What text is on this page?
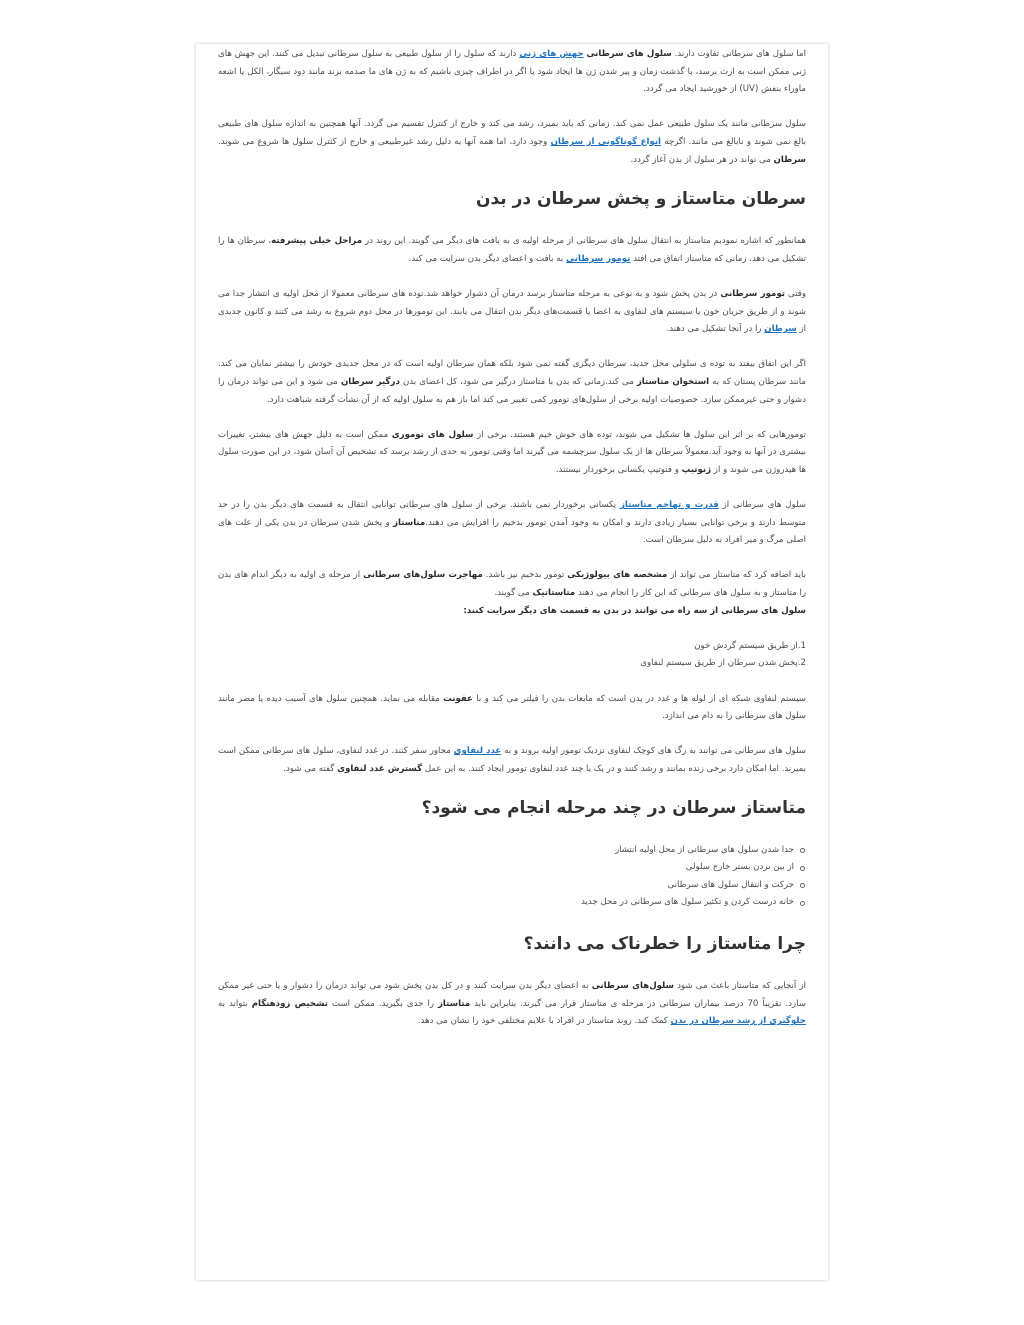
اما سلول های سرطانی تفاوت دارند. سلول های سرطانی جهش های ژنی دارند که سلول را از سلول طبیعی به سلول سرطانی تبدیل می کنند. این جهش های ژنی ممکن است به ارث برسد، با گذشت زمان و پیر شدن ژن ها ایجاد شود یا اگر در اطراف چیزی باشیم که به ژن های ما صدمه بزند مانند دود سیگار، الکل یا اشعه ماوراء بنفش (UV) از خورشید ایجاد می گردد.

سلول سرطانی مانند یک سلول طبیعی عمل نمی کند. زمانی که باید بمیرد، رشد می کند و خارج از کنترل تقسیم می گردد. آنها همچنین به اندازه سلول های طبیعی بالغ نمی شوند و نابالغ می مانند. اگرچه انواع گوناگونی از سرطان وجود دارد، اما همه آنها به دلیل رشد غیرطبیعی و خارج از کنترل سلول ها شروع می شوند. سرطان می تواند در هر سلول از بدن آغاز گردد.

سرطان متاستاز و پخش سرطان در بدن

همانطور که اشاره نمودیم متاستاز به انتقال سلول های سرطانی از مرحله اولیه ی به بافت های دیگر می گویند. این روند در مراحل خیلی پیشرفته، سرطان ها را تشکیل می دهد. زمانی که متاستاز اتفاق می افتد تومور سرطانی به بافت و اعضای دیگر بدن سرایت می کند.

وقتی تومور سرطانی در بدن پخش شود و به نوعی به مرحله متاستاز برسد درمان آن دشوار خواهد شد.توده های سرطانی معمولا از محل اولیه ی انتشار جدا می شوند و از طریق جریان خون یا سیستم های لنفاوی به اعضا یا قسمت‌های دیگر بدن انتقال می یابند. این تومورها در محل دوم شروع به رشد می کنند و کانون جدیدی از سرطان را در آنجا تشکیل می دهند.

اگر این اتفاق بیفتد به توده ی سلولی محل جدید، سرطان دیگری گفته نمی شود بلکه همان سرطان اولیه است که در محل جدیدی خودش را بیشتر نمایان می کند. مانند سرطان پستان که به استخوان متاستاز می کند.زمانی که بدن با متاستاز درگیر می شود، کل اعضای بدن درگیر سرطان می شود و این می تواند درمان را دشوار و حتی غیرممکن سازد. خصوصیات اولیه برخی از سلول‌های تومور کمی تغییر می کند اما باز هم به سلول اولیه که از آن نشأت گرفته شباهت دارد.

تومورهایی که بر اثر این سلول ها تشکیل می شوند، توده های خوش خیم هستند. برخی از سلول های توموری ممکن است به دلیل جهش های بیشتر، تغییرات بیشتری در آنها به وجود آید.معمولاً سرطان ها از یک سلول سرچشمه می گیرند اما وقتی تومور به حدی از رشد برسد که تشخیص آن آسان شود، در این صورت سلول ها هیدروژن می شوند و از ژنوتیپ و فنوتیپ یکسانی برخوردار نیستند.

سلول های سرطانی از قدرت و تهاجم متاستاز یکسانی برخوردار نمی باشند. برخی از سلول های سرطانی توانایی انتقال به قسمت های دیگر بدن را در حد متوسط دارند و برخی توانایی بسیار زیادی دارند و امکان به وجود آمدن تومور بدخیم را افزایش می دهند.متاستاز و پخش شدن سرطان در بدن یکی از علت های اصلی مرگ و میر افراد به دلیل سرطان است.

باید اضافه کرد که متاستاز می تواند از مشخصه های بیولوژیکی تومور بدخیم نیز باشد. مهاجرت سلول‌های سرطانی از مرحله ی اولیه به دیگر اندام های بدن را متاستاز و به سلول های سرطانی که این کار را انجام می دهند متاستاتیک می گویند.

سلول های سرطانی از سه راه می توانند در بدن به قسمت های دیگر سرایت کنند:

1.از طریق سیستم گردش خون
2.پخش شدن سرطان از طریق سیستم لنفاوی

سیستم لنفاوی شبکه ای از لوله ها و غدد در بدن است که مایعات بدن را فیلتر می کند و با عفونت مقابله می نماید. همچنین سلول های آسیب دیده یا مضر مانند سلول های سرطانی را به دام می اندازد.

سلول های سرطانی می توانند به رگ های کوچک لنفاوی نزدیک تومور اولیه بروند و به غدد لنفاوی مجاور سفر کنند. در غدد لنفاوی، سلول های سرطانی ممکن است بمیرند. اما امکان دارد برخی زنده بمانند و رشد کنند و در یک یا چند غدد لنفاوی تومور ایجاد کنند. به این عمل گسترش غدد لنفاوی گفته می شود.

متاستاز سرطان در چند مرحله انجام می شود؟
جدا شدن سلول های سرطانی از محل اولیه انتشار
از بین بردن بستر خارج سلولی
حرکت و انتقال سلول های سرطانی
خانه درست کردن و تکثیر سلول های سرطانی در محل جدید
چرا متاستاز را خطرناک می دانند؟

از آنجایی که متاستاز باعث می شود سلول‌های سرطانی به اعضای دیگر بدن سرایت کنند و در کل بدن پخش شود می تواند درمان را دشوار و یا حتی غیر ممکن سازد. تقریباً 70 درصد بیماران سرطانی در مرحله ی متاستاز قرار می گیرند. بنابراین باید متاستاز را جدی بگیرید. ممکن است تشخیص زودهنگام بتواند به جلوگیری از رشد سرطان در بدن کمک کند. روند متاستاز در افراد با علایم مختلفی خود را نشان می دهد.
